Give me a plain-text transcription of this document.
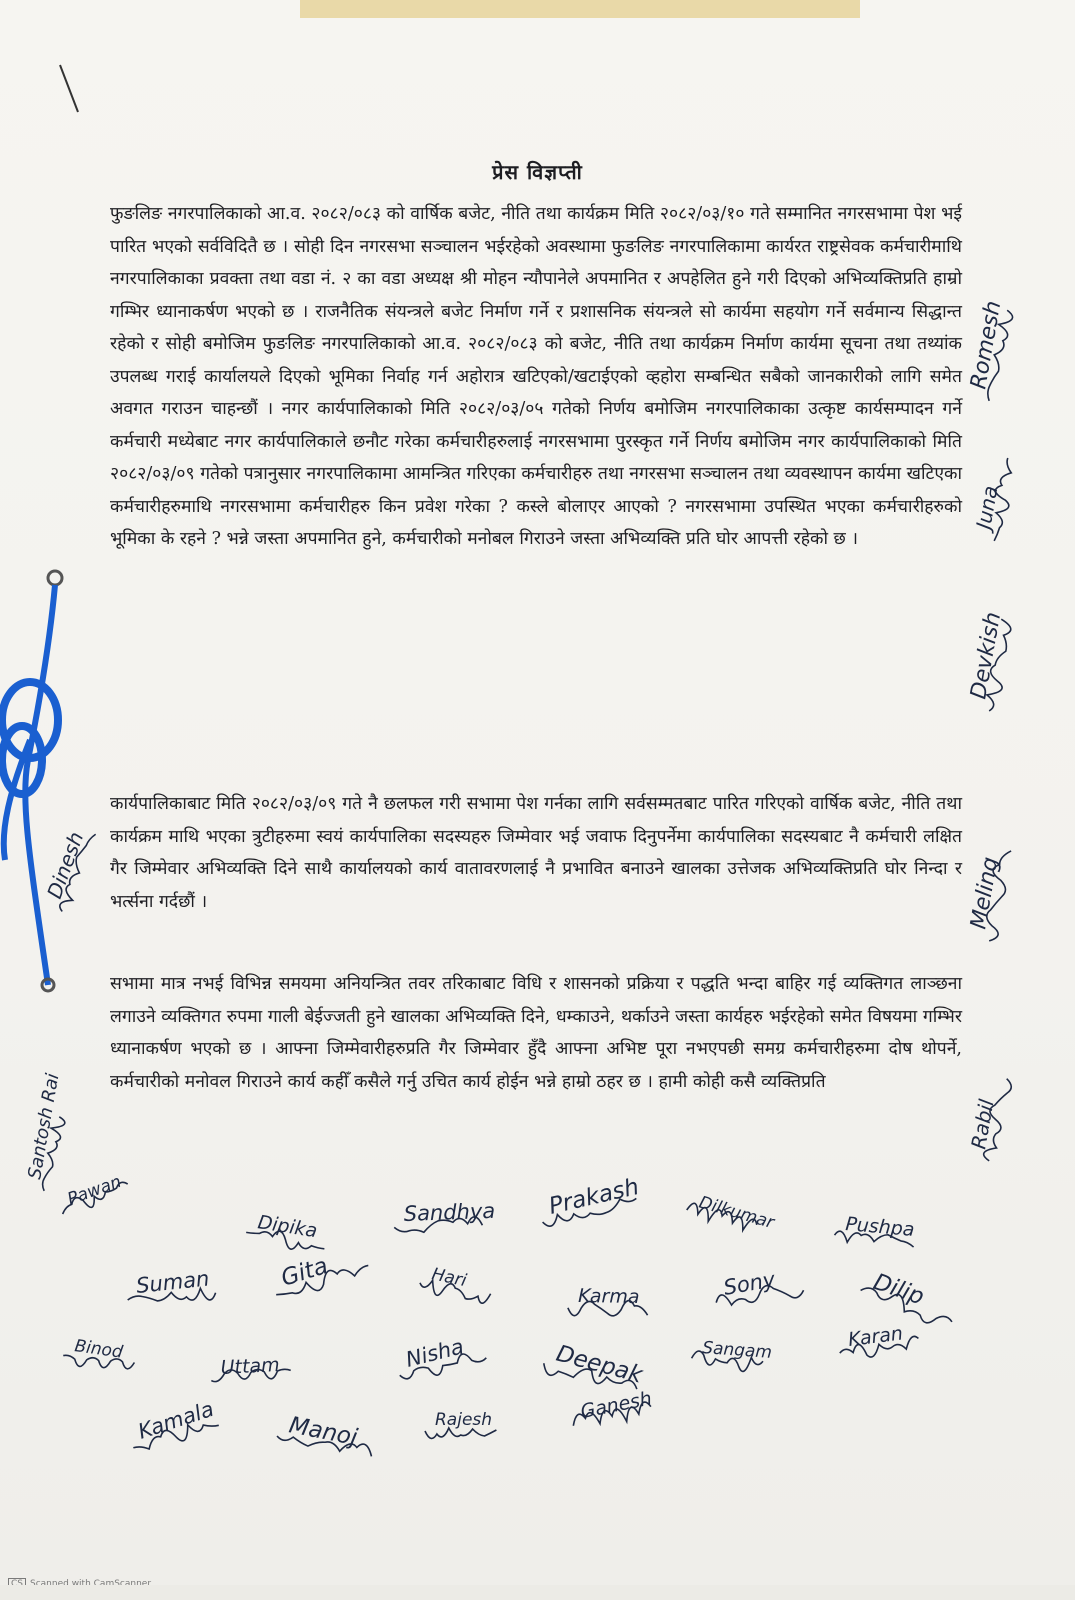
प्रेस विज्ञप्ती

फुङलिङ नगरपालिकाको आ.व. २०८२/०८३ को वार्षिक बजेट, नीति तथा कार्यक्रम मिति २०८२/०३/१० गते सम्मानित नगरसभामा पेश भई पारित भएको सर्वविदितै छ । सोही दिन नगरसभा सञ्चालन भईरहेको अवस्थामा फुङलिङ नगरपालिकामा कार्यरत राष्ट्रसेवक कर्मचारीमाथि नगरपालिकाका प्रवक्ता तथा वडा नं. २ का वडा अध्यक्ष श्री मोहन न्यौपानेले अपमानित र अपहेलित हुने गरी दिएको अभिव्यक्तिप्रति हाम्रो गम्भिर ध्यानाकर्षण भएको छ । राजनैतिक संयन्त्रले बजेट निर्माण गर्ने र प्रशासनिक संयन्त्रले सो कार्यमा सहयोग गर्ने सर्वमान्य सिद्धान्त रहेको र सोही बमोजिम फुङलिङ नगरपालिकाको आ.व. २०८२/०८३ को बजेट, नीति तथा कार्यक्रम निर्माण कार्यमा सूचना तथा तथ्यांक उपलब्ध गराई कार्यालयले दिएको भूमिका निर्वाह गर्न अहोरात्र खटिएको/खटाईएको व्हहोरा सम्बन्धित सबैको जानकारीको लागि समेत अवगत गराउन चाहन्छौं । नगर कार्यपालिकाको मिति २०८२/०३/०५ गतेको निर्णय बमोजिम नगरपालिकाका उत्कृष्ट कार्यसम्पादन गर्ने कर्मचारी मध्येबाट नगर कार्यपालिकाले छनौट गरेका कर्मचारीहरुलाई नगरसभामा पुरस्कृत गर्ने निर्णय बमोजिम नगर कार्यपालिकाको मिति २०८२/०३/०९ गतेको पत्रानुसार नगरपालिकामा आमन्त्रित गरिएका कर्मचारीहरु तथा नगरसभा सञ्चालन तथा व्यवस्थापन कार्यमा खटिएका कर्मचारीहरुमाथि नगरसभामा कर्मचारीहरु किन प्रवेश गरेका ? कस्ले बोलाएर आएको ? नगरसभामा उपस्थित भएका कर्मचारीहरुको भूमिका के रहने ? भन्ने जस्ता अपमानित हुने, कर्मचारीको मनोबल गिराउने जस्ता अभिव्यक्ति प्रति घोर आपत्ती रहेको छ ।

कार्यपालिकाबाट मिति २०८२/०३/०९ गते नै छलफल गरी सभामा पेश गर्नका लागि सर्वसम्मतबाट पारित गरिएको वार्षिक बजेट, नीति तथा कार्यक्रम माथि भएका त्रुटीहरुमा स्वयं कार्यपालिका सदस्यहरु जिम्मेवार भई जवाफ दिनुपर्नेमा कार्यपालिका सदस्यबाट नै कर्मचारी लक्षित गैर जिम्मेवार अभिव्यक्ति दिने साथै कार्यालयको कार्य वातावरणलाई नै प्रभावित बनाउने खालका उत्तेजक अभिव्यक्तिप्रति घोर निन्दा र भर्त्सना गर्दछौं ।

सभामा मात्र नभई विभिन्न समयमा अनियन्त्रित तवर तरिकाबाट विधि र शासनको प्रक्रिया र पद्धति भन्दा बाहिर गई व्यक्तिगत लाञ्छना लगाउने व्यक्तिगत रुपमा गाली बेईज्जती हुने खालका अभिव्यक्ति दिने, धम्काउने, थर्काउने जस्ता कार्यहरु भईरहेको समेत विषयमा गम्भिर ध्यानाकर्षण भएको छ । आफ्ना जिम्मेवारीहरुप्रति गैर जिम्मेवार हुँदै आफ्ना अभिष्ट पूरा नभएपछी समग्र कर्मचारीहरुमा दोष थोपर्ने, कर्मचारीको मनोवल गिराउने कार्य कहीँ कसैले गर्नु उचित कार्य होईन भन्ने हाम्रो ठहर छ । हामी कोही कसै व्यक्तिप्रति

Romesh
Juna
Devkish
Meling
Rabil
Dinesh
Santosh Rai
Pawan
Dipika	Sandhya Prakash	Dilkumar	Pushpa
Suman	Gita	Hari
Karma	Sony	Dilip
Binod
Uttam	Nisha	Deepak	Sangam	Karan
Kamala	Manoj	Rajesh	Ganesh
CS Scanned with CamScanner
